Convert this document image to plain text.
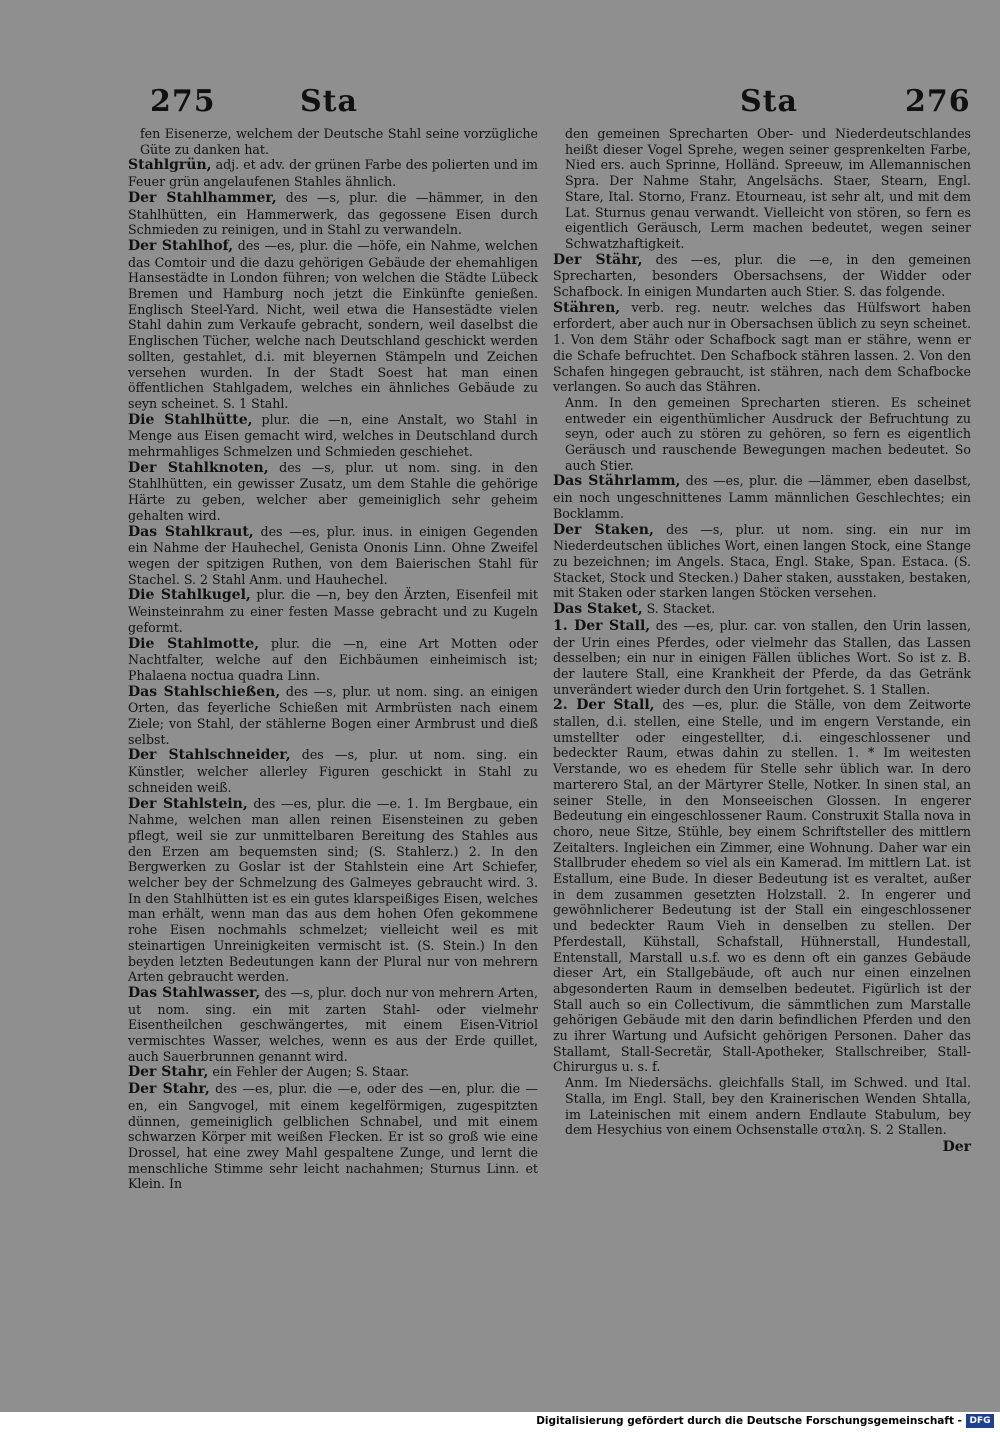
275	Sta	Sta	276

fen Eisenerze, welchem der Deutsche Stahl seine vorzügliche Güte zu danken hat.

Stahlgrün, adj. et adv. der grünen Farbe des polierten und im Feuer grün angelaufenen Stahles ähnlich.

Der Stahlhammer, des —s, plur. die —hämmer, in den Stahlhütten, ein Hammerwerk, das gegossene Eisen durch Schmieden zu reinigen, und in Stahl zu verwandeln.

Der Stahlhof, des —es, plur. die —höfe, ein Nahme, welchen das Comtoir und die dazu gehörigen Gebäude der ehemahligen Hansestädte in London führen; von welchen die Städte Lübeck Bremen und Hamburg noch jetzt die Einkünfte genießen. Englisch Steel-Yard. Nicht, weil etwa die Hansestädte vielen Stahl dahin zum Verkaufe gebracht, sondern, weil daselbst die Englischen Tücher, welche nach Deutschland geschickt werden sollten, gestahlet, d.i. mit bleyernen Stämpeln und Zeichen versehen wurden. In der Stadt Soest hat man einen öffentlichen Stahlgadem, welches ein ähnliches Gebäude zu seyn scheinet. S. 1 Stahl.

Die Stahlhütte, plur. die —n, eine Anstalt, wo Stahl in Menge aus Eisen gemacht wird, welches in Deutschland durch mehrmahliges Schmelzen und Schmieden geschiehet.

Der Stahlknoten, des —s, plur. ut nom. sing. in den Stahlhütten, ein gewisser Zusatz, um dem Stahle die gehörige Härte zu geben, welcher aber gemeiniglich sehr geheim gehalten wird.

Das Stahlkraut, des —es, plur. inus. in einigen Gegenden ein Nahme der Hauhechel, Genista Ononis Linn. Ohne Zweifel wegen der spitzigen Ruthen, von dem Baierischen Stahl für Stachel. S. 2 Stahl Anm. und Hauhechel.

Die Stahlkugel, plur. die —n, bey den Ärzten, Eisenfeil mit Weinsteinrahm zu einer festen Masse gebracht und zu Kugeln geformt.

Die Stahlmotte, plur. die —n, eine Art Motten oder Nachtfalter, welche auf den Eichbäumen einheimisch ist; Phalaena noctua quadra Linn.

Das Stahlschießen, des —s, plur. ut nom. sing. an einigen Orten, das feyerliche Schießen mit Armbrüsten nach einem Ziele; von Stahl, der stählerne Bogen einer Armbrust und dieß selbst.

Der Stahlschneider, des —s, plur. ut nom. sing. ein Künstler, welcher allerley Figuren geschickt in Stahl zu schneiden weiß.

Der Stahlstein, des —es, plur. die —e. 1. Im Bergbaue, ein Nahme, welchen man allen reinen Eisensteinen zu geben pflegt, weil sie zur unmittelbaren Bereitung des Stahles aus den Erzen am bequemsten sind; (S. Stahlerz.) 2. In den Bergwerken zu Goslar ist der Stahlstein eine Art Schiefer, welcher bey der Schmelzung des Galmeyes gebraucht wird. 3. In den Stahlhütten ist es ein gutes klarspeißiges Eisen, welches man erhält, wenn man das aus dem hohen Ofen gekommene rohe Eisen nochmahls schmelzet; vielleicht weil es mit steinartigen Unreinigkeiten vermischt ist. (S. Stein.) In den beyden letzten Bedeutungen kann der Plural nur von mehrern Arten gebraucht werden.

Das Stahlwasser, des —s, plur. doch nur von mehrern Arten, ut nom. sing. ein mit zarten Stahl- oder vielmehr Eisentheilchen geschwängertes, mit einem Eisen-Vitriol vermischtes Wasser, welches, wenn es aus der Erde quillet, auch Sauerbrunnen genannt wird.

Der Stahr, ein Fehler der Augen; S. Staar.

Der Stahr, des —es, plur. die —e, oder des —en, plur. die —en, ein Sangvogel, mit einem kegelförmigen, zugespitzten dünnen, gemeiniglich gelblichen Schnabel, und mit einem schwarzen Körper mit weißen Flecken. Er ist so groß wie eine Drossel, hat eine zwey Mahl gespaltene Zunge, und lernt die menschliche Stimme sehr leicht nachahmen; Sturnus Linn. et Klein. In

den gemeinen Sprecharten Ober- und Niederdeutschlandes heißt dieser Vogel Sprehe, wegen seiner gesprenkelten Farbe, Nied ers. auch Sprinne, Holländ. Spreeuw, im Allemannischen Spra. Der Nahme Stahr, Angelsächs. Staer, Stearn, Engl. Stare, Ital. Storno, Franz. Etourneau, ist sehr alt, und mit dem Lat. Sturnus genau verwandt. Vielleicht von stören, so fern es eigentlich Geräusch, Lerm machen bedeutet, wegen seiner Schwatzhaftigkeit.

Der Stähr, des —es, plur. die —e, in den gemeinen Sprecharten, besonders Obersachsens, der Widder oder Schafbock. In einigen Mundarten auch Stier. S. das folgende.

Stähren, verb. reg. neutr. welches das Hülfswort haben erfordert, aber auch nur in Obersachsen üblich zu seyn scheinet. 1. Von dem Stähr oder Schafbock sagt man er stähre, wenn er die Schafe befruchtet. Den Schafbock stähren lassen. 2. Von den Schafen hingegen gebraucht, ist stähren, nach dem Schafbocke verlangen. So auch das Stähren.

Anm. In den gemeinen Sprecharten stieren. Es scheinet entweder ein eigenthümlicher Ausdruck der Befruchtung zu seyn, oder auch zu stören zu gehören, so fern es eigentlich Geräusch und rauschende Bewegungen machen bedeutet. So auch Stier.

Das Stährlamm, des —es, plur. die —lämmer, eben daselbst, ein noch ungeschnittenes Lamm männlichen Geschlechtes; ein Bocklamm.

Der Staken, des —s, plur. ut nom. sing. ein nur im Niederdeutschen übliches Wort, einen langen Stock, eine Stange zu bezeichnen; im Angels. Staca, Engl. Stake, Span. Estaca. (S. Stacket, Stock und Stecken.) Daher staken, ausstaken, bestaken, mit Staken oder starken langen Stöcken versehen.

Das Staket, S. Stacket.

1. Der Stall, des —es, plur. car. von stallen, den Urin lassen, der Urin eines Pferdes, oder vielmehr das Stallen, das Lassen desselben; ein nur in einigen Fällen übliches Wort. So ist z. B. der lautere Stall, eine Krankheit der Pferde, da das Getränk unverändert wieder durch den Urin fortgehet. S. 1 Stallen.

2. Der Stall, des —es, plur. die Ställe, von dem Zeitworte stallen, d.i. stellen, eine Stelle, und im engern Verstande, ein umstellter oder eingestellter, d.i. eingeschlossener und bedeckter Raum, etwas dahin zu stellen. 1. * Im weitesten Verstande, wo es ehedem für Stelle sehr üblich war. In dero marterero Stal, an der Märtyrer Stelle, Notker. In sinen stal, an seiner Stelle, in den Monseeischen Glossen. In engerer Bedeutung ein eingeschlossener Raum. Construxit Stalla nova in choro, neue Sitze, Stühle, bey einem Schriftsteller des mittlern Zeitalters. Ingleichen ein Zimmer, eine Wohnung. Daher war ein Stallbruder ehedem so viel als ein Kamerad. Im mittlern Lat. ist Estallum, eine Bude. In dieser Bedeutung ist es veraltet, außer in dem zusammen gesetzten Holzstall. 2. In engerer und gewöhnlicherer Bedeutung ist der Stall ein eingeschlossener und bedeckter Raum Vieh in denselben zu stellen. Der Pferdestall, Kühstall, Schafstall, Hühnerstall, Hundestall, Entenstall, Marstall u.s.f. wo es denn oft ein ganzes Gebäude dieser Art, ein Stallgebäude, oft auch nur einen einzelnen abgesonderten Raum in demselben bedeutet. Figürlich ist der Stall auch so ein Collectivum, die sämmtlichen zum Marstalle gehörigen Gebäude mit den darin befindlichen Pferden und den zu ihrer Wartung und Aufsicht gehörigen Personen. Daher das Stallamt, Stall-Secretär, Stall-Apotheker, Stallschreiber, Stall-Chirurgus u. s. f.

Anm. Im Niedersächs. gleichfalls Stall, im Schwed. und Ital. Stalla, im Engl. Stall, bey den Krainerischen Wenden Shtalla, im Lateinischen mit einem andern Endlaute Stabulum, bey dem Hesychius von einem Ochsenstalle σταλη. S. 2 Stallen.

Der
Digitalisierung gefördert durch die Deutsche Forschungsgemeinschaft - DFG
